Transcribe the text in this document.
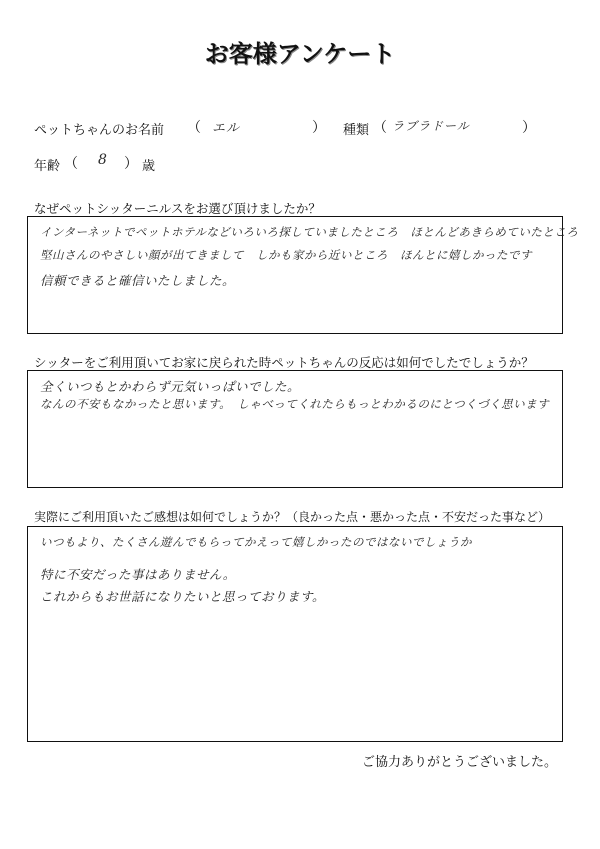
お客様アンケート
ペットちゃんのお名前 （ エル	） 種類 （ ラブラドール	）
年齢 （ 8 ） 歳
なぜペットシッターニルスをお選び頂けましたか？
インターネットでペットホテルなどいろいろ探していましたところ　ほとんどあきらめていたところ
堅山さんのやさしい顔が出てきまして　しかも家から近いところ　ほんとに嬉しかったです
信頼できると確信いたしました。
シッターをご利用頂いてお家に戻られた時ペットちゃんの反応は如何でしたでしょうか？
全くいつもとかわらず元気いっぱいでした。
なんの不安もなかったと思います。　しゃべってくれたらもっとわかるのにとつくづく思います
実際にご利用頂いたご感想は如何でしょうか？（良かった点・悪かった点・不安だった事など）
いつもより、たくさん遊んでもらってかえって嬉しかったのではないでしょうか
特に不安だった事はありません。
これからもお世話になりたいと思っております。
ご協力ありがとうございました。
